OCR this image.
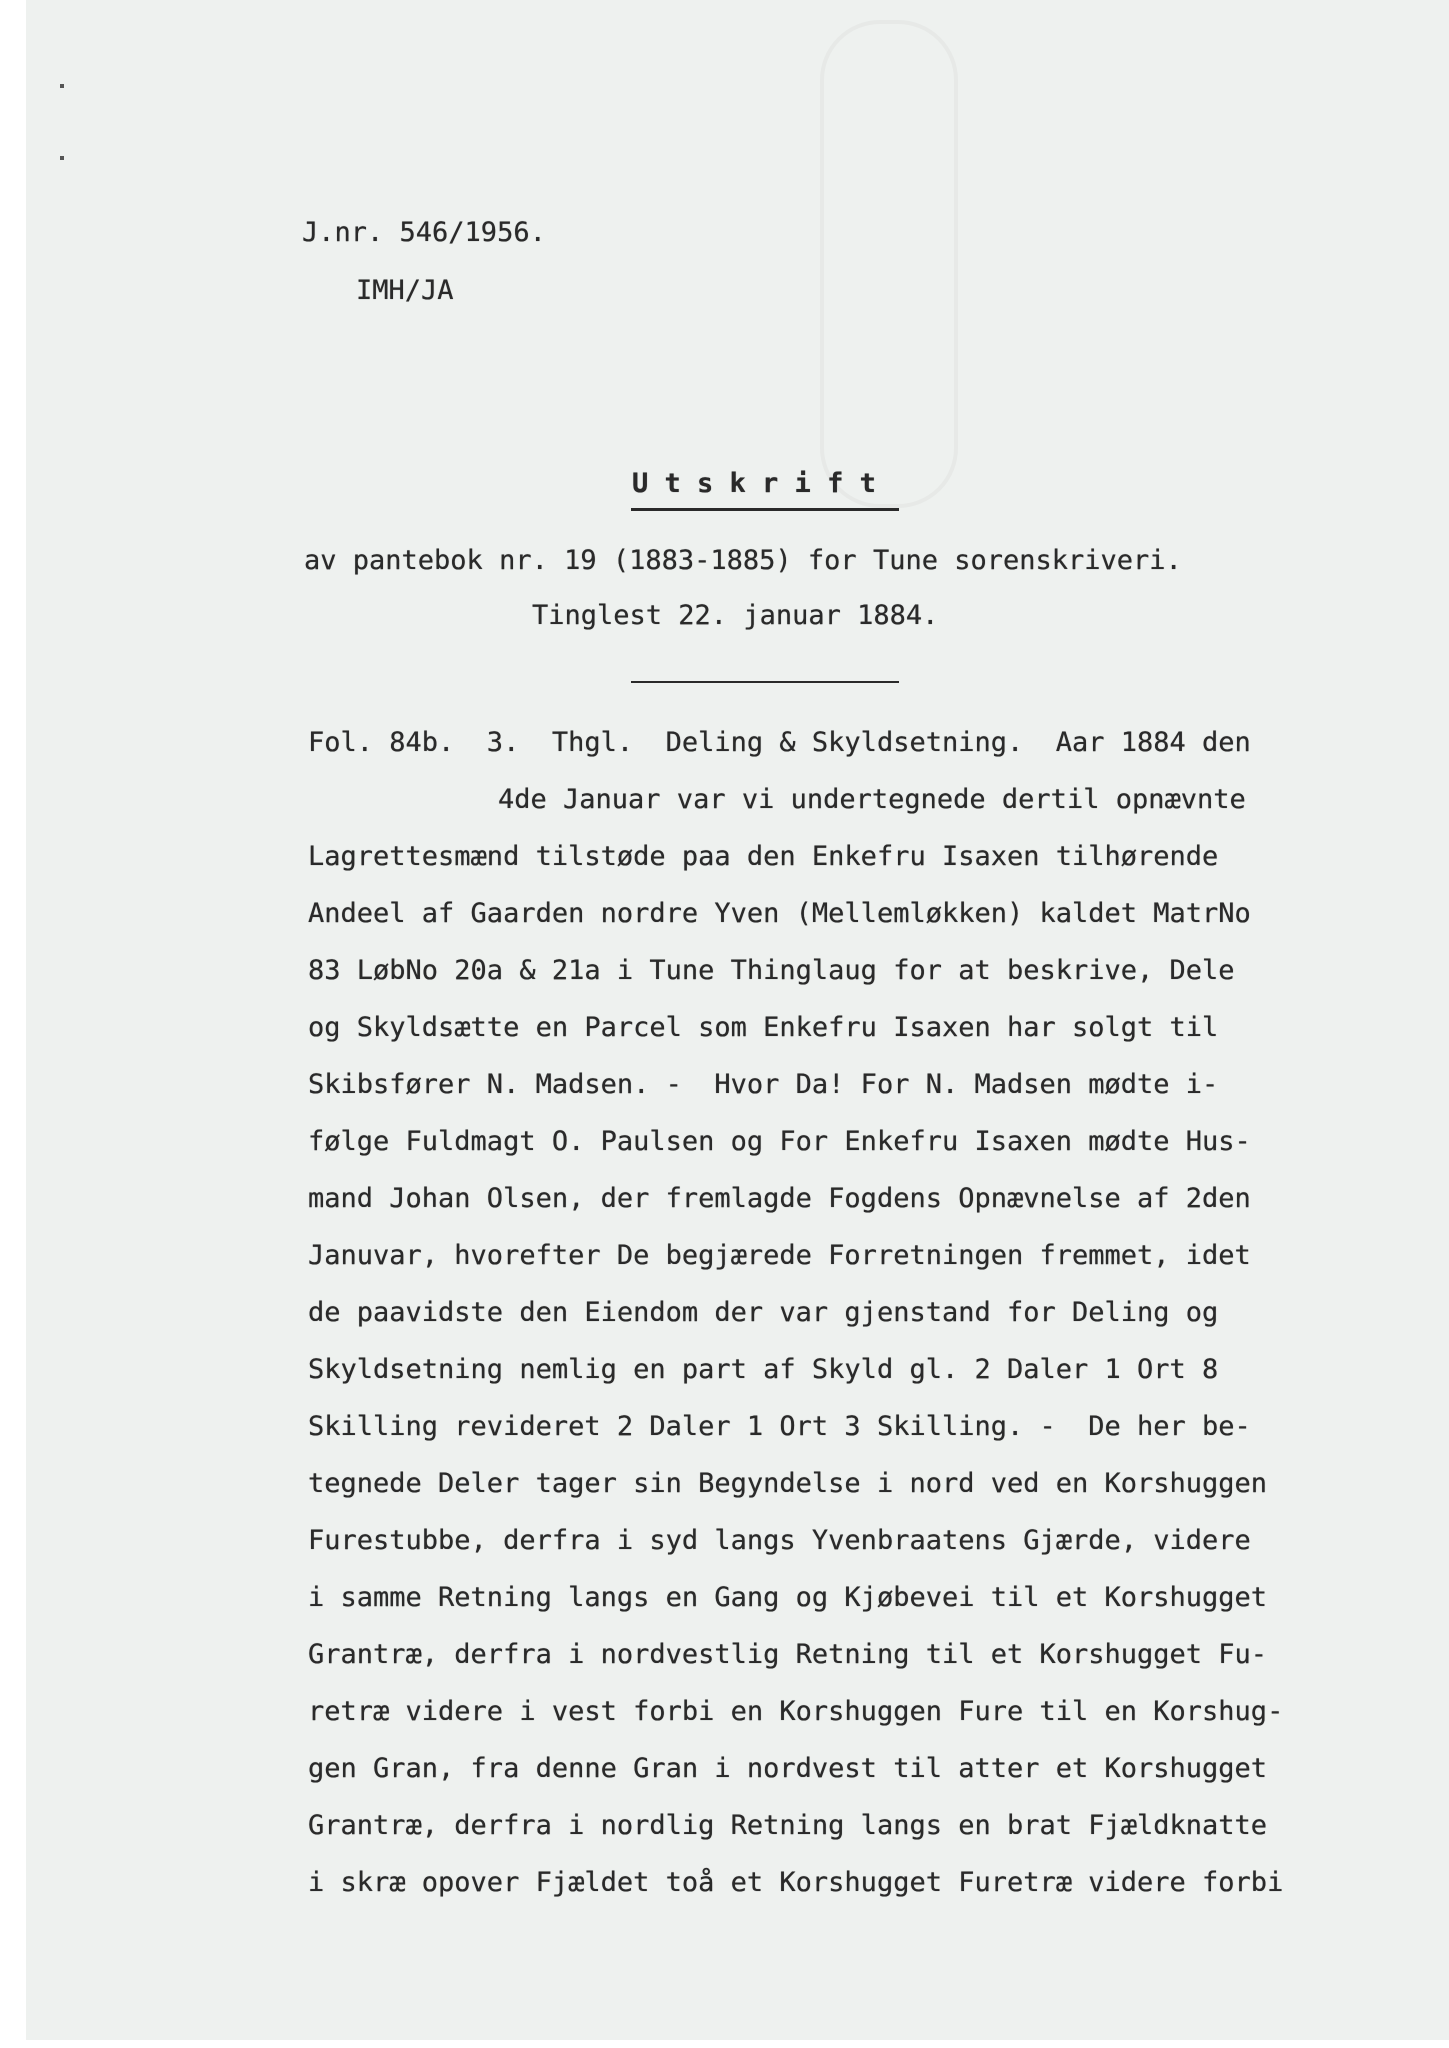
J.nr. 546/1956.
IMH/JA
U t s k r i f t
av pantebok nr. 19 (1883-1885) for Tune sorenskriveri.
Tinglest 22. januar 1884.
Fol. 84b.  3.  Thgl.  Deling & Skyldsetning.  Aar 1884 den
4de Januar var vi undertegnede dertil opnævnte
Lagrettesmænd tilstøde paa den Enkefru Isaxen tilhørende
Andeel af Gaarden nordre Yven (Mellemløkken) kaldet MatrNo
83 LøbNo 20a & 21a i Tune Thinglaug for at beskrive, Dele
og Skyldsætte en Parcel som Enkefru Isaxen har solgt til
Skibsfører N. Madsen. -  Hvor Da! For N. Madsen mødte i-
følge Fuldmagt O. Paulsen og For Enkefru Isaxen mødte Hus-
mand Johan Olsen, der fremlagde Fogdens Opnævnelse af 2den
Januvar, hvorefter De begjærede Forretningen fremmet, idet
de paavidste den Eiendom der var gjenstand for Deling og
Skyldsetning nemlig en part af Skyld gl. 2 Daler 1 Ort 8
Skilling revideret 2 Daler 1 Ort 3 Skilling. -  De her be-
tegnede Deler tager sin Begyndelse i nord ved en Korshuggen
Furestubbe, derfra i syd langs Yvenbraatens Gjærde, videre
i samme Retning langs en Gang og Kjøbevei til et Korshugget
Grantræ, derfra i nordvestlig Retning til et Korshugget Fu-
retræ videre i vest forbi en Korshuggen Fure til en Korshug-
gen Gran, fra denne Gran i nordvest til atter et Korshugget
Grantræ, derfra i nordlig Retning langs en brat Fjældknatte
i skræ opover Fjældet toå et Korshugget Furetræ videre forbi
